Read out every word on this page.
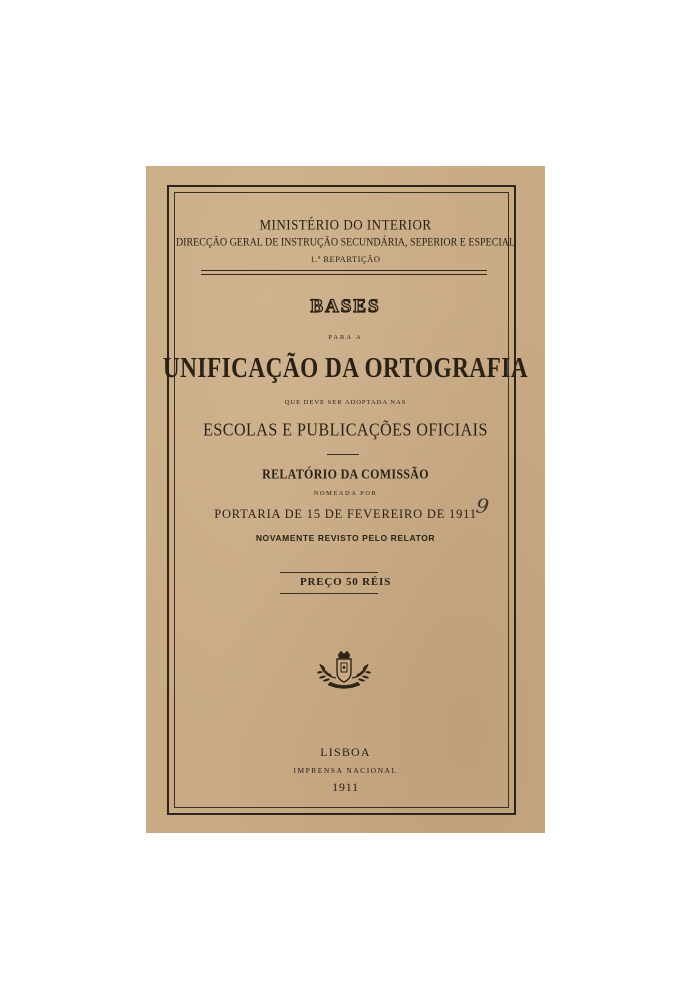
MINISTÉRIO DO INTERIOR
DIRECÇÃO GERAL DE INSTRUÇÃO SECUNDÁRIA, SEPERIOR E ESPECIAL
1.ª REPARTIÇÃO
BASES
PARA A
UNIFICAÇÃO DA ORTOGRAFIA
QUE DEVE SER ADOPTADA NAS
ESCOLAS E PUBLICAÇÕES OFICIAIS
RELATÓRIO DA COMISSÃO
NOMEADA POR
PORTARIA DE 15 DE FEVEREIRO DE 1911
NOVAMENTE REVISTO PELO RELATOR
9
PREÇO 50 RÉIS
LISBOA
IMPRENSA NACIONAL
1911
